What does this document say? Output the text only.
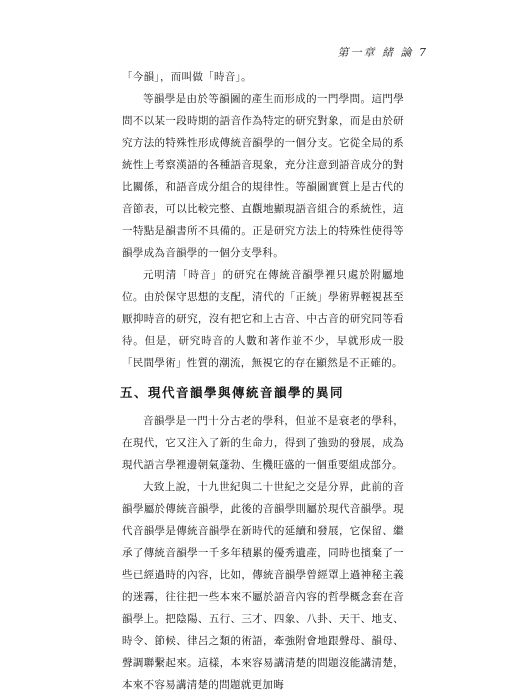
第一章 緒 論 7

「今韻」，而叫做「時音」。

等韻學是由於等韻圖的產生而形成的一門學問。這門學問不以某一段時期的語音作為特定的研究對象，而是由於研究方法的特殊性形成傳統音韻學的一個分支。它從全局的系統性上考察漢語的各種語音現象，充分注意到語音成分的對比關係，和語音成分組合的規律性。等韻圖實質上是古代的音節表，可以比較完整、直觀地顯現語音組合的系統性，這一特點是韻書所不具備的。正是研究方法上的特殊性使得等韻學成為音韻學的一個分支學科。

元明清「時音」的研究在傳統音韻學裡只處於附屬地位。由於保守思想的支配，清代的「正統」學術界輕視甚至厭抑時音的研究，沒有把它和上古音、中古音的研究同等看待。但是，研究時音的人數和著作並不少，早就形成一股「民間學術」性質的潮流，無視它的存在顯然是不正確的。

五、現代音韻學與傳統音韻學的異同

音韻學是一門十分古老的學科，但並不是衰老的學科，在現代，它又注入了新的生命力，得到了強勁的發展，成為現代語言學裡邊朝氣蓬勃、生機旺盛的一個重要組成部分。

大致上說，十九世紀與二十世紀之交是分界，此前的音韻學屬於傳統音韻學，此後的音韻學則屬於現代音韻學。現代音韻學是傳統音韻學在新時代的延續和發展，它保留、繼承了傳統音韻學一千多年積累的優秀遺產，同時也擯棄了一些已經過時的內容，比如，傳統音韻學曾經罩上過神秘主義的迷霧，往往把一些本來不屬於語音內容的哲學概念套在音韻學上。把陰陽、五行、三才、四象、八卦、天干、地支、時令、節候、律呂之類的術語，牽強附會地跟聲母、韻母、聲調聯繫起來。這樣，本來容易講清楚的問題沒能講清楚，本來不容易講清楚的問題就更加晦
